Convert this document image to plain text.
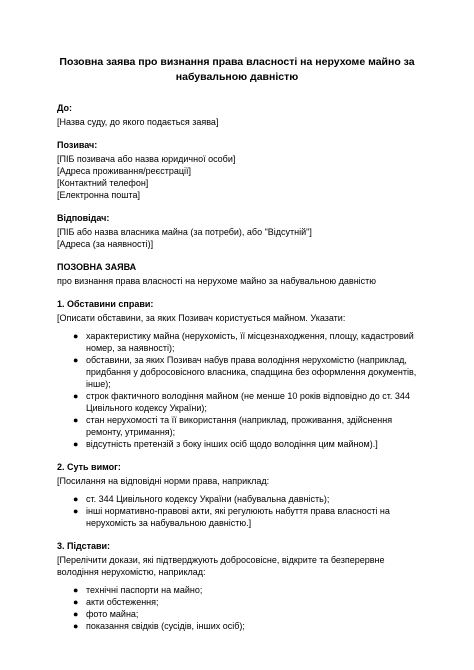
Позовна заява про визнання права власності на нерухоме майно за
набувальною давністю
До:
[Назва суду, до якого подається заява]
Позивач:
[ПІБ позивача або назва юридичної особи]
[Адреса проживання/реєстрації]
[Контактний телефон]
[Електронна пошта]
Відповідач:
[ПІБ або назва власника майна (за потреби), або "Відсутній"]
[Адреса (за наявності)]
ПОЗОВНА ЗАЯВА
про визнання права власності на нерухоме майно за набувальною давністю
1. Обставини справи:
[Описати обставини, за яких Позивач користується майном. Указати:
● характеристику майна (нерухомість, її місцезнаходження, площу, кадастровий
номер, за наявності);
● обставини, за яких Позивач набув права володіння нерухомістю (наприклад,
придбання у добросовісного власника, спадщина без оформлення документів,
інше);
● строк фактичного володіння майном (не менше 10 років відповідно до ст. 344
Цивільного кодексу України);
● стан нерухомості та її використання (наприклад, проживання, здійснення
ремонту, утримання);
● відсутність претензій з боку інших осіб щодо володіння цим майном).]
2. Суть вимог:
[Посилання на відповідні норми права, наприклад:
● ст. 344 Цивільного кодексу України (набувальна давність);
● інші нормативно-правові акти, які регулюють набуття права власності на
нерухомість за набувальною давністю.]
3. Підстави:
[Перелічити докази, які підтверджують добросовісне, відкрите та безперервне
володіння нерухомістю, наприклад:
● технічні паспорти на майно;
● акти обстеження;
● фото майна;
● показання свідків (сусідів, інших осіб);
